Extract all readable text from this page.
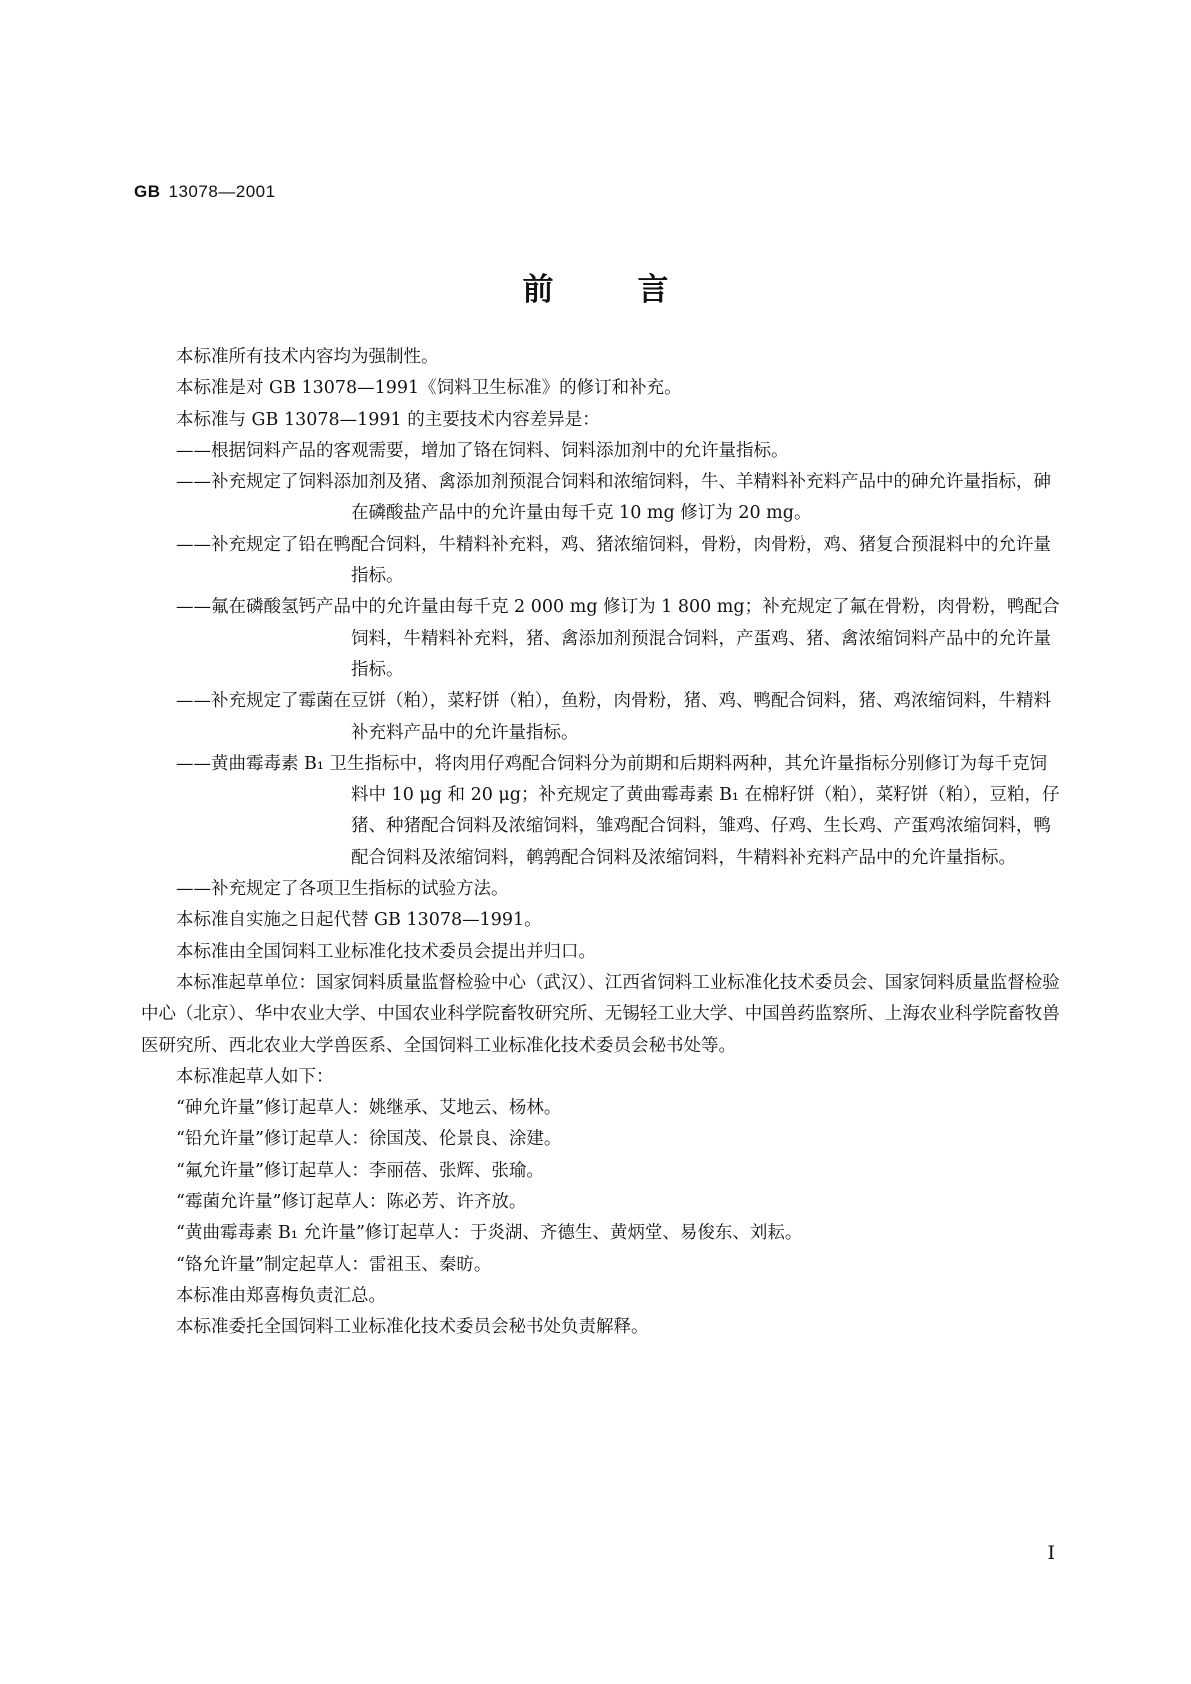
GB 13078—2001
前言

本标准所有技术内容均为强制性。

本标准是对 GB 13078—1991《饲料卫生标准》的修订和补充。

本标准与 GB 13078—1991 的主要技术内容差异是：

——根据饲料产品的客观需要，增加了铬在饲料、饲料添加剂中的允许量指标。

——补充规定了饲料添加剂及猪、禽添加剂预混合饲料和浓缩饲料，牛、羊精料补充料产品中的砷允许量指标，砷在磷酸盐产品中的允许量由每千克 10 mg 修订为 20 mg。

——补充规定了铅在鸭配合饲料，牛精料补充料，鸡、猪浓缩饲料，骨粉，肉骨粉，鸡、猪复合预混料中的允许量指标。

——氟在磷酸氢钙产品中的允许量由每千克 2 000 mg 修订为 1 800 mg；补充规定了氟在骨粉，肉骨粉，鸭配合饲料，牛精料补充料，猪、禽添加剂预混合饲料，产蛋鸡、猪、禽浓缩饲料产品中的允许量指标。

——补充规定了霉菌在豆饼（粕），菜籽饼（粕），鱼粉，肉骨粉，猪、鸡、鸭配合饲料，猪、鸡浓缩饲料，牛精料补充料产品中的允许量指标。

——黄曲霉毒素 B₁ 卫生指标中，将肉用仔鸡配合饲料分为前期和后期料两种，其允许量指标分别修订为每千克饲料中 10 μg 和 20 μg；补充规定了黄曲霉毒素 B₁ 在棉籽饼（粕），菜籽饼（粕），豆粕，仔猪、种猪配合饲料及浓缩饲料，雏鸡配合饲料，雏鸡、仔鸡、生长鸡、产蛋鸡浓缩饲料，鸭配合饲料及浓缩饲料，鹌鹑配合饲料及浓缩饲料，牛精料补充料产品中的允许量指标。

——补充规定了各项卫生指标的试验方法。

本标准自实施之日起代替 GB 13078—1991。

本标准由全国饲料工业标准化技术委员会提出并归口。

本标准起草单位：国家饲料质量监督检验中心（武汉）、江西省饲料工业标准化技术委员会、国家饲料质量监督检验中心（北京）、华中农业大学、中国农业科学院畜牧研究所、无锡轻工业大学、中国兽药监察所、上海农业科学院畜牧兽医研究所、西北农业大学兽医系、全国饲料工业标准化技术委员会秘书处等。

本标准起草人如下：

“砷允许量”修订起草人：姚继承、艾地云、杨林。

“铅允许量”修订起草人：徐国茂、伦景良、涂建。

“氟允许量”修订起草人：李丽蓓、张辉、张瑜。

“霉菌允许量”修订起草人：陈必芳、许齐放。

“黄曲霉毒素 B₁ 允许量”修订起草人：于炎湖、齐德生、黄炳堂、易俊东、刘耘。

“铬允许量”制定起草人：雷祖玉、秦昉。

本标准由郑喜梅负责汇总。

本标准委托全国饲料工业标准化技术委员会秘书处负责解释。

I
